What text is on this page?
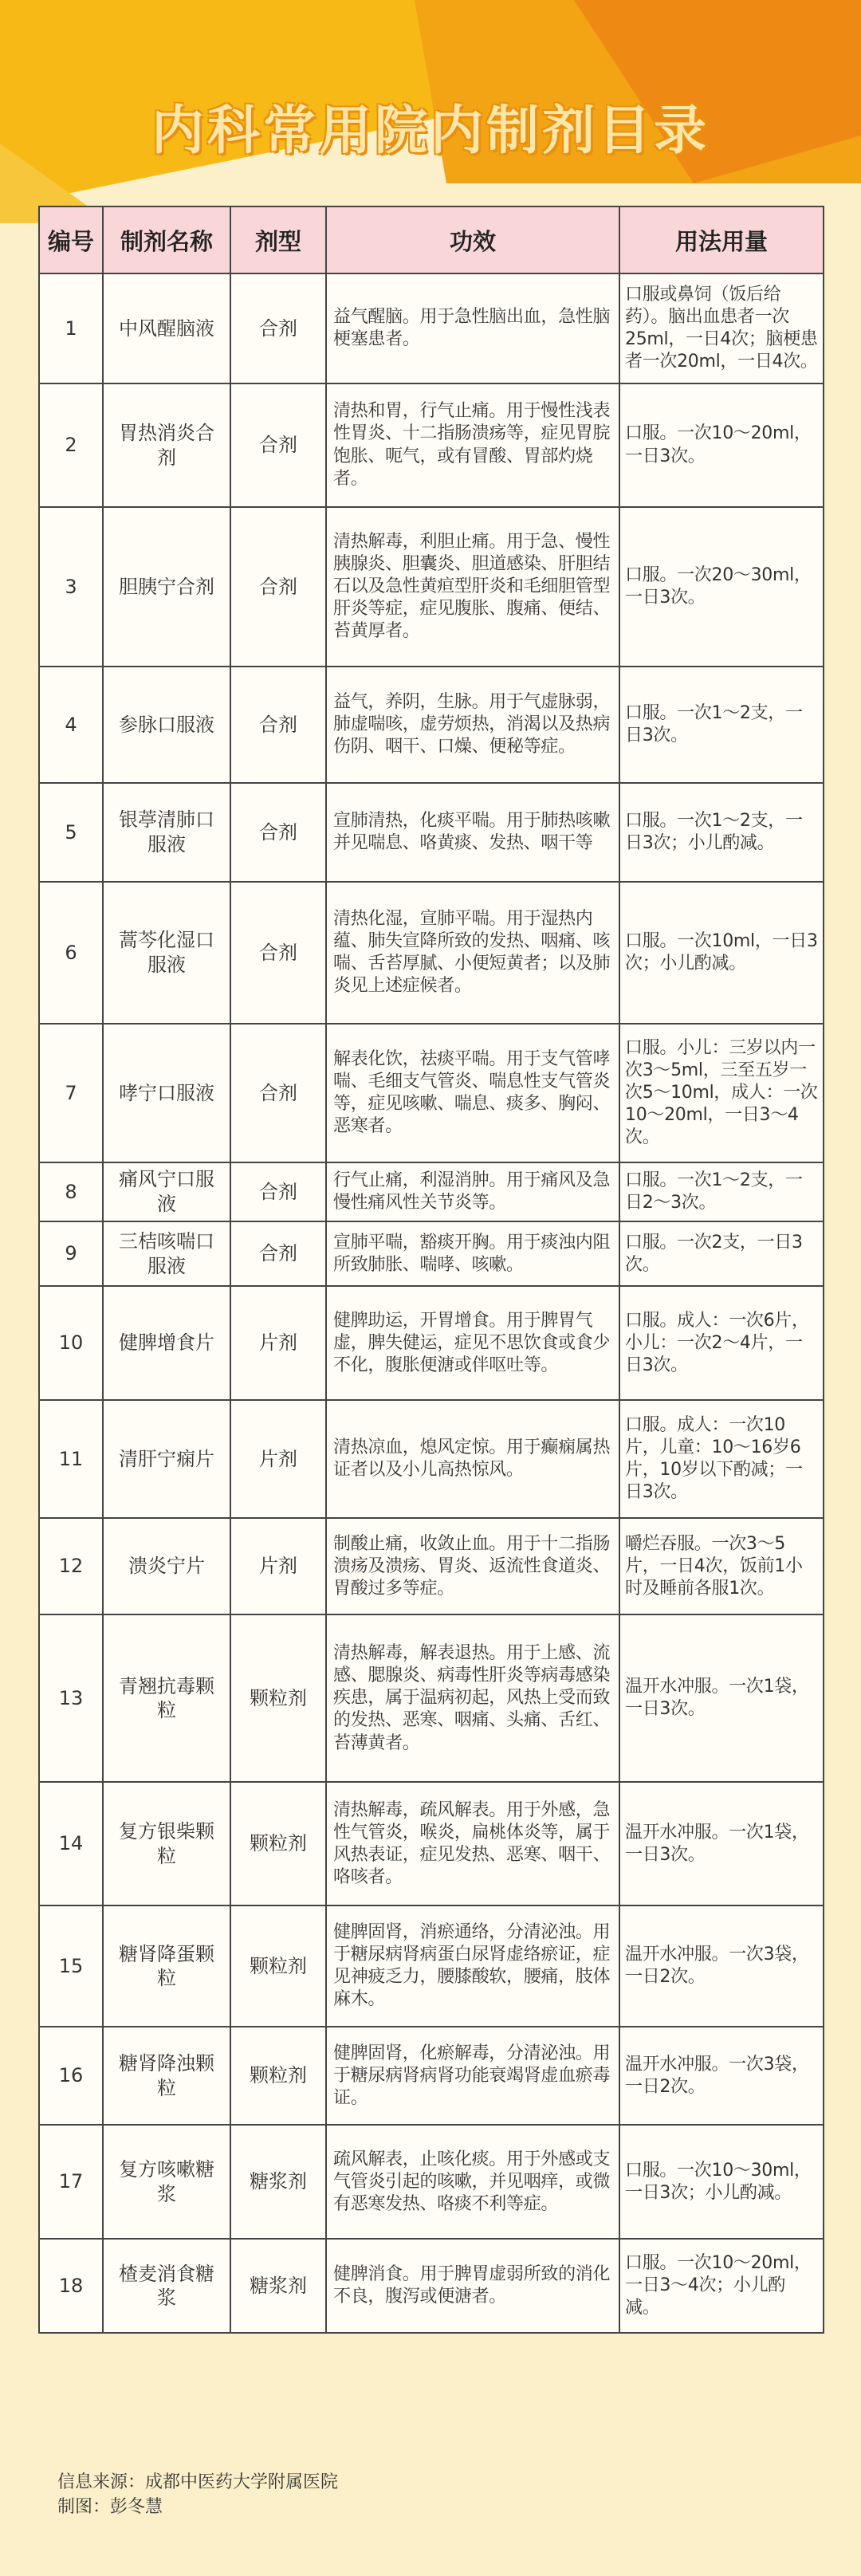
内科常用院内制剂目录
编号	制剂名称	剂型	功效	用法用量
1	中风醒脑液	合剂	益气醒脑。用于急性脑出血，急性脑梗塞患者。	口服或鼻饲（饭后给药）。脑出血患者一次25ml，一日4次；脑梗患者一次20ml，一日4次。
2	胃热消炎合剂	合剂	清热和胃，行气止痛。用于慢性浅表性胃炎、十二指肠溃疡等，症见胃脘饱胀、呃气，或有冒酸、胃部灼烧者。	口服。一次10～20ml，一日3次。
3	胆胰宁合剂	合剂	清热解毒，利胆止痛。用于急、慢性胰腺炎、胆囊炎、胆道感染、肝胆结石以及急性黄疸型肝炎和毛细胆管型肝炎等症，症见腹胀、腹痛、便结、苔黄厚者。	口服。一次20～30ml，一日3次。
4	参脉口服液	合剂	益气，养阴，生脉。用于气虚脉弱，肺虚喘咳，虚劳烦热，消渴以及热病伤阴、咽干、口燥、便秘等症。	口服。一次1～2支，一日3次。
5	银葶清肺口服液	合剂	宣肺清热，化痰平喘。用于肺热咳嗽并见喘息、咯黄痰、发热、咽干等	口服。一次1～2支，一日3次；小儿酌减。
6	蒿芩化湿口服液	合剂	清热化湿，宣肺平喘。用于湿热内蕴、肺失宣降所致的发热、咽痛、咳喘、舌苔厚腻、小便短黄者；以及肺炎见上述症候者。	口服。一次10ml，一日3次；小儿酌减。
7	哮宁口服液	合剂	解表化饮，祛痰平喘。用于支气管哮喘、毛细支气管炎、喘息性支气管炎等，症见咳嗽、喘息、痰多、胸闷、恶寒者。	口服。小儿：三岁以内一次3～5ml，三至五岁一次5～10ml，成人：一次10～20ml，一日3～4次。
8	痛风宁口服液	合剂	行气止痛，利湿消肿。用于痛风及急慢性痛风性关节炎等。	口服。一次1～2支，一日2～3次。
9	三桔咳喘口服液	合剂	宣肺平喘，豁痰开胸。用于痰浊内阻所致肺胀、喘哮、咳嗽。	口服。一次2支，一日3次。
10	健脾增食片	片剂	健脾助运，开胃增食。用于脾胃气虚，脾失健运，症见不思饮食或食少不化，腹胀便溏或伴呕吐等。	口服。成人：一次6片，小儿：一次2～4片，一日3次。
11	清肝宁痫片	片剂	清热凉血，熄风定惊。用于癫痫属热证者以及小儿高热惊风。	口服。成人：一次10片，儿童：10～16岁6片，10岁以下酌减；一日3次。
12	溃炎宁片	片剂	制酸止痛，收敛止血。用于十二指肠溃疡及溃疡、胃炎、返流性食道炎、胃酸过多等症。	嚼烂吞服。一次3～5片，一日4次，饭前1小时及睡前各服1次。
13	青翘抗毒颗粒	颗粒剂	清热解毒，解表退热。用于上感、流感、腮腺炎、病毒性肝炎等病毒感染疾患，属于温病初起，风热上受而致的发热、恶寒、咽痛、头痛、舌红、苔薄黄者。	温开水冲服。一次1袋，一日3次。
14	复方银柴颗粒	颗粒剂	清热解毒，疏风解表。用于外感，急性气管炎，喉炎，扁桃体炎等，属于风热表证，症见发热、恶寒、咽干、咯咳者。	温开水冲服。一次1袋，一日3次。
15	糖肾降蛋颗粒	颗粒剂	健脾固肾，消瘀通络，分清泌浊。用于糖尿病肾病蛋白尿肾虚络瘀证，症见神疲乏力，腰膝酸软，腰痛，肢体麻木。	温开水冲服。一次3袋，一日2次。
16	糖肾降浊颗粒	颗粒剂	健脾固肾，化瘀解毒，分清泌浊。用于糖尿病肾病肾功能衰竭肾虚血瘀毒证。	温开水冲服。一次3袋，一日2次。
17	复方咳嗽糖浆	糖浆剂	疏风解表，止咳化痰。用于外感或支气管炎引起的咳嗽，并见咽痒，或微有恶寒发热、咯痰不利等症。	口服。一次10～30ml，一日3次；小儿酌减。
18	楂麦消食糖浆	糖浆剂	健脾消食。用于脾胃虚弱所致的消化不良，腹泻或便溏者。	口服。一次10～20ml，一日3～4次；小儿酌减。
信息来源：成都中医药大学附属医院
制图：彭冬慧
